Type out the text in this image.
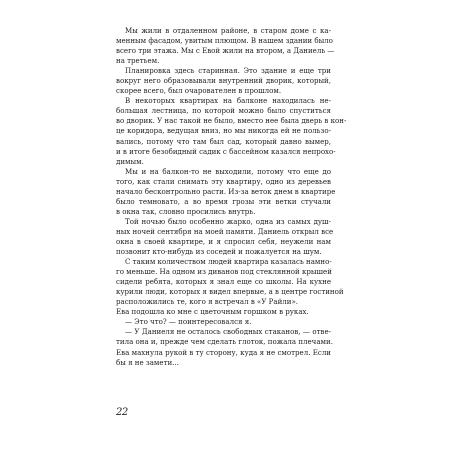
Мы жили в отдаленном районе, в старом доме с ка-
менным фасадом, увитым плющом. В нашем здании было
всего три этажа. Мы с Евой жили на втором, а Даниель —
на третьем.
Планировка здесь старинная. Это здание и еще три
вокруг него образовывали внутренний дворик, который,
скорее всего, был очарователен в прошлом.
В некоторых квартирах на балконе находилась не-
большая лестница, по которой можно было спуститься
во дворик. У нас такой не было, вместо нее была дверь в кон-
це коридора, ведущая вниз, но мы никогда ей не пользо-
вались, потому что там был сад, который давно вымер,
и в итоге безобидный садик с бассейном казался непрохо-
димым.
Мы и на балкон-то не выходили, потому что еще до
того, как стали снимать эту квартиру, одно из деревьев
начало бесконтрольно расти. Из-за веток днем в квартире
было темновато, а во время грозы эти ветки стучали
в окна так, словно просились внутрь.
Той ночью было особенно жарко, одна из самых душ-
ных ночей сентября на моей памяти. Даниель открыл все
окна в своей квартире, и я спросил себя, неужели нам
позвонит кто-нибудь из соседей и пожалуется на шум.
С таким количеством людей квартира казалась намно-
го меньше. На одном из диванов под стеклянной крышей
сидели ребята, которых я знал еще со школы. На кухне
курили люди, которых я видел впервые, а в центре гостиной
расположились те, кого я встречал в «У Райли».
Ева подошла ко мне с цветочным горшком в руках.
— Это что? — поинтересовался я.
— У Даниеля не осталось свободных стаканов, — отве-
тила она и, прежде чем сделать глоток, пожала плечами.
Ева махнула рукой в ту сторону, куда я не смотрел. Если
бы я не замети...
22
